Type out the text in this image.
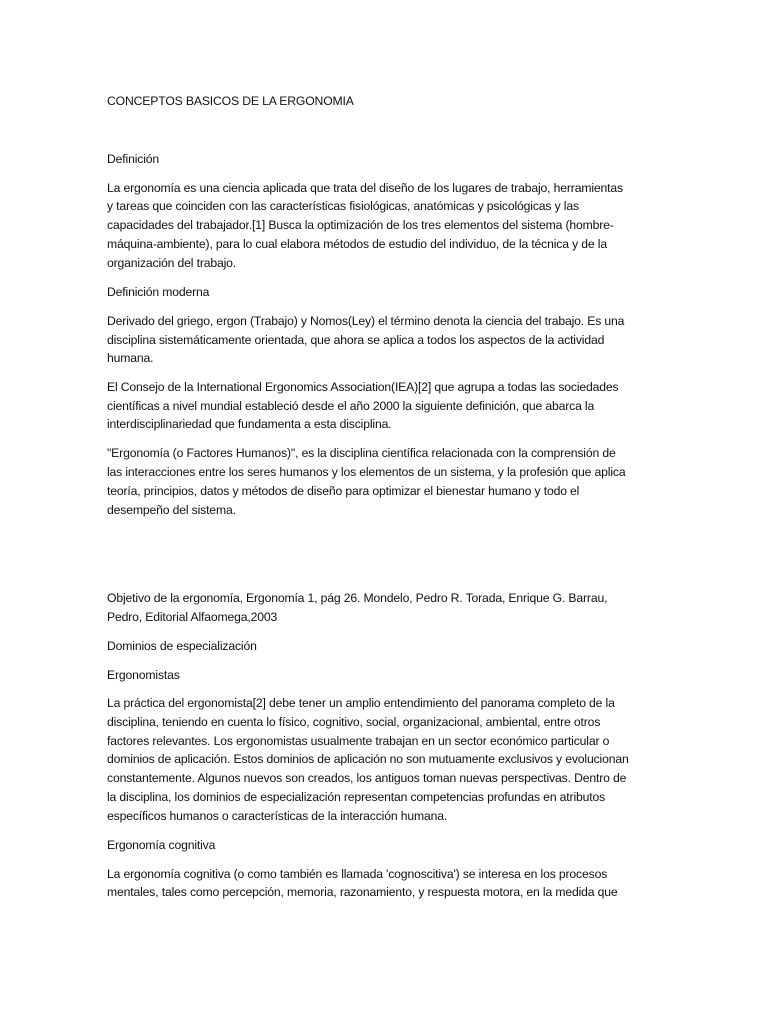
CONCEPTOS BASICOS DE LA ERGONOMIA
Definición
La ergonomía es una ciencia aplicada que trata del diseño de los lugares de trabajo, herramientas
y tareas que coinciden con las características fisiológicas, anatómicas y psicológicas y las
capacidades del trabajador.[1] Busca la optimización de los tres elementos del sistema (hombre-
máquina-ambiente), para lo cual elabora métodos de estudio del individuo, de la técnica y de la
organización del trabajo.
Definición moderna
Derivado del griego, ergon (Trabajo) y Nomos(Ley) el término denota la ciencia del trabajo. Es una
disciplina sistemáticamente orientada, que ahora se aplica a todos los aspectos de la actividad
humana.
El Consejo de la International Ergonomics Association(IEA)[2] que agrupa a todas las sociedades
científicas a nivel mundial estableció desde el año 2000 la siguiente definición, que abarca la
interdisciplinariedad que fundamenta a esta disciplina.
"Ergonomía (o Factores Humanos)", es la disciplina científica relacionada con la comprensión de
las interacciones entre los seres humanos y los elementos de un sistema, y la profesión que aplica
teoría, principios, datos y métodos de diseño para optimizar el bienestar humano y todo el
desempeño del sistema.
Objetivo de la ergonomía, Ergonomía 1, pág 26. Mondelo, Pedro R. Torada, Enrique G. Barrau,
Pedro, Editorial Alfaomega,2003
Dominios de especialización
Ergonomistas
La práctica del ergonomista[2] debe tener un amplio entendimiento del panorama completo de la
disciplina, teniendo en cuenta lo físico, cognitivo, social, organizacional, ambiental, entre otros
factores relevantes. Los ergonomistas usualmente trabajan en un sector económico particular o
dominios de aplicación. Estos dominios de aplicación no son mutuamente exclusivos y evolucionan
constantemente. Algunos nuevos son creados, los antiguos toman nuevas perspectivas. Dentro de
la disciplina, los dominios de especialización representan competencias profundas en atributos
específicos humanos o características de la interacción humana.
Ergonomía cognitiva
La ergonomía cognitiva (o como también es llamada 'cognoscitiva') se interesa en los procesos
mentales, tales como percepción, memoria, razonamiento, y respuesta motora, en la medida que
